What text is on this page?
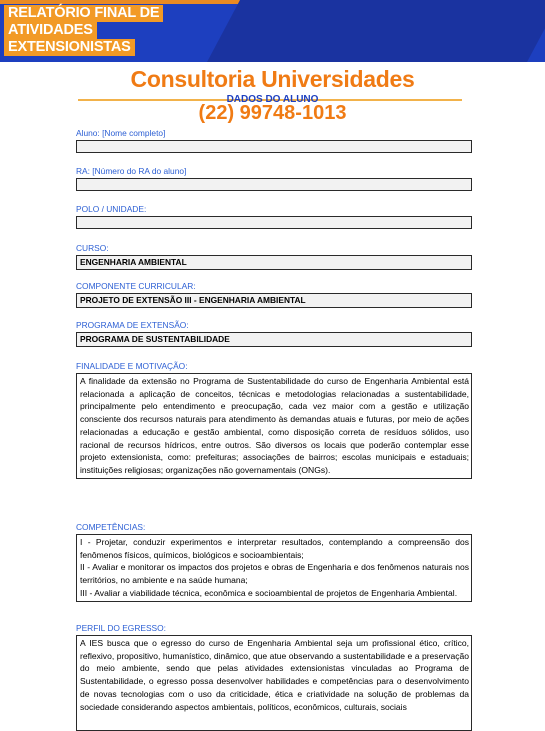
RELATÓRIO FINAL DE
ATIVIDADES
EXTENSIONISTAS
Consultoria Universidades
DADOS DO ALUNO
(22) 99748-1013
Aluno: [Nome completo]
RA: [Número do RA do aluno]
POLO / UNIDADE:
CURSO:
ENGENHARIA AMBIENTAL
COMPONENTE CURRICULAR:
PROJETO DE EXTENSÃO III - ENGENHARIA AMBIENTAL
PROGRAMA DE EXTENSÃO:
PROGRAMA DE SUSTENTABILIDADE
FINALIDADE E MOTIVAÇÃO:
A finalidade da extensão no Programa de Sustentabilidade do curso de Engenharia Ambiental está relacionada a aplicação de conceitos, técnicas e metodologias relacionadas a sustentabilidade, principalmente pelo entendimento e preocupação, cada vez maior com a gestão e utilização consciente dos recursos naturais para atendimento às demandas atuais e futuras, por meio de ações relacionadas a educação e gestão ambiental, como disposição correta de resíduos sólidos, uso racional de recursos hídricos, entre outros. São diversos os locais que poderão contemplar esse projeto extensionista, como: prefeituras; associações de bairros; escolas municipais e estaduais; instituições religiosas; organizações não governamentais (ONGs).
COMPETÊNCIAS:
I - Projetar, conduzir experimentos e interpretar resultados, contemplando a compreensão dos fenômenos físicos, químicos, biológicos e socioambientais;
II - Avaliar e monitorar os impactos dos projetos e obras de Engenharia e dos fenômenos naturais nos territórios, no ambiente e na saúde humana;
III - Avaliar a viabilidade técnica, econômica e socioambiental de projetos de Engenharia Ambiental.
PERFIL DO EGRESSO:
A IES busca que o egresso do curso de Engenharia Ambiental seja um profissional ético, crítico, reflexivo, propositivo, humanístico, dinâmico, que atue observando a sustentabilidade e a preservação do meio ambiente, sendo que pelas atividades extensionistas vinculadas ao Programa de Sustentabilidade, o egresso possa desenvolver habilidades e competências para o desenvolvimento de novas tecnologias com o uso da criticidade, ética e criatividade na solução de problemas da sociedade considerando aspectos ambientais, políticos, econômicos, culturais, sociais
